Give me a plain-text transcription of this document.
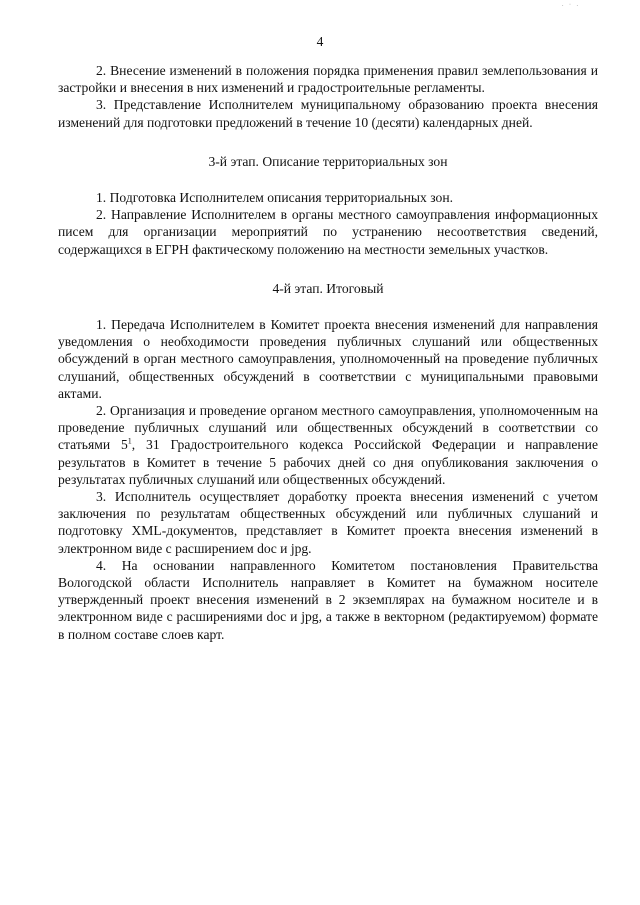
. · .
4

2. Внесение изменений в положения порядка применения правил землепользования и застройки и внесения в них изменений и градостроительные регламенты.

3. Представление Исполнителем муниципальному образованию проекта внесения изменений для подготовки предложений в течение 10 (десяти) календарных дней.

3-й этап. Описание территориальных зон

1. Подготовка Исполнителем описания территориальных зон.

2. Направление Исполнителем в органы местного самоуправления информационных писем для организации мероприятий по устранению несоответствия сведений, содержащихся в ЕГРН фактическому положению на местности земельных участков.

4-й этап. Итоговый

1. Передача Исполнителем в Комитет проекта внесения изменений для направления уведомления о необходимости проведения публичных слушаний или общественных обсуждений в орган местного самоуправления, уполномоченный на проведение публичных слушаний, общественных обсуждений в соответствии с муниципальными правовыми актами.

2. Организация и проведение органом местного самоуправления, уполномоченным на проведение публичных слушаний или общественных обсуждений в соответствии со статьями $5^1$, 31 Градостроительного кодекса Российской Федерации и направление результатов в Комитет в течение 5 рабочих дней со дня опубликования заключения о результатах публичных слушаний или общественных обсуждений.

3. Исполнитель осуществляет доработку проекта внесения изменений с учетом заключения по результатам общественных обсуждений или публичных слушаний и подготовку XML-документов, представляет в Комитет проекта внесения изменений в электронном виде с расширением doc и jpg.

4. На основании направленного Комитетом постановления Правительства Вологодской области Исполнитель направляет в Комитет на бумажном носителе утвержденный проект внесения изменений в 2 экземплярах на бумажном носителе и в электронном виде с расширениями doc и jpg, а также в векторном (редактируемом) формате в полном составе слоев карт.
